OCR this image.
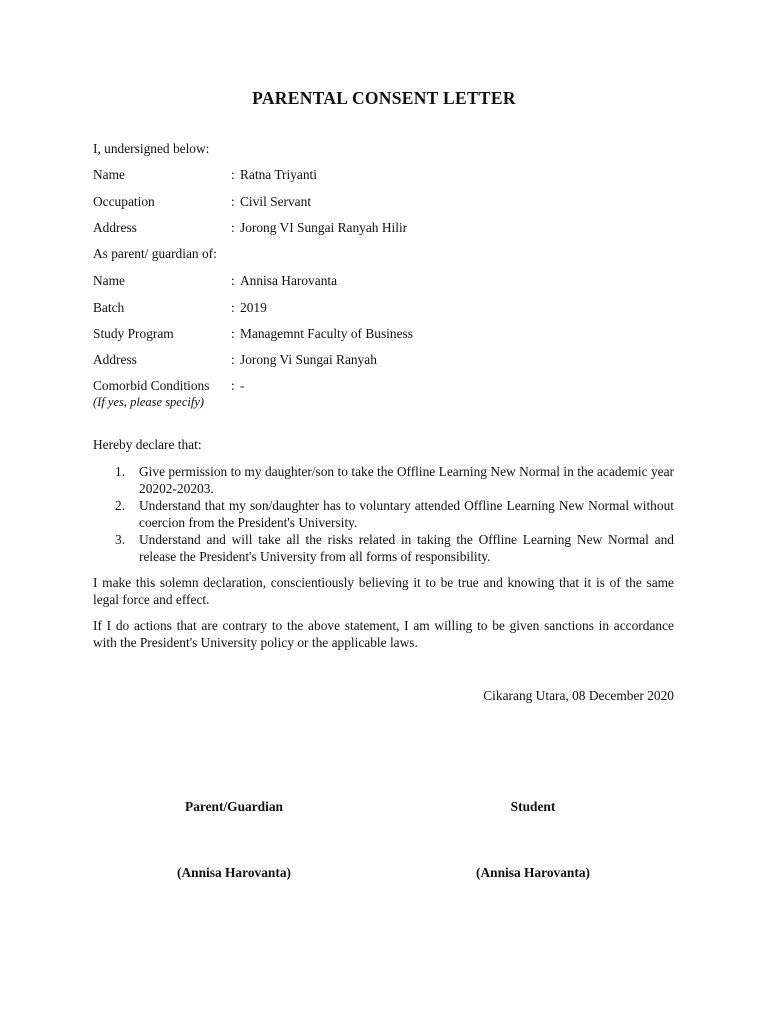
PARENTAL CONSENT LETTER
I, undersigned below:
Name	: Ratna Triyanti
Occupation	: Civil Servant
Address	: Jorong VI Sungai Ranyah Hilir
As parent/ guardian of:
Name	: Annisa Harovanta
Batch	: 2019
Study Program	: Managemnt Faculty of Business
Address	: Jorong Vi Sungai Ranyah
Comorbid Conditions : -
(If yes, please specify)
Hereby declare that:
1. Give permission to my daughter/son to take the Offline Learning New Normal in the academic year 20202-20203.
2. Understand that my son/daughter has to voluntary attended Offline Learning New Normal without coercion from the President's University.
3. Understand and will take all the risks related in taking the Offline Learning New Normal and release the President's University from all forms of responsibility.
I make this solemn declaration, conscientiously believing it to be true and knowing that it is of the same legal force and effect.
If I do actions that are contrary to the above statement, I am willing to be given sanctions in accordance with the President's University policy or the applicable laws.
Cikarang Utara, 08 December 2020
Parent/Guardian	Student
(Annisa Harovanta)	(Annisa Harovanta)
